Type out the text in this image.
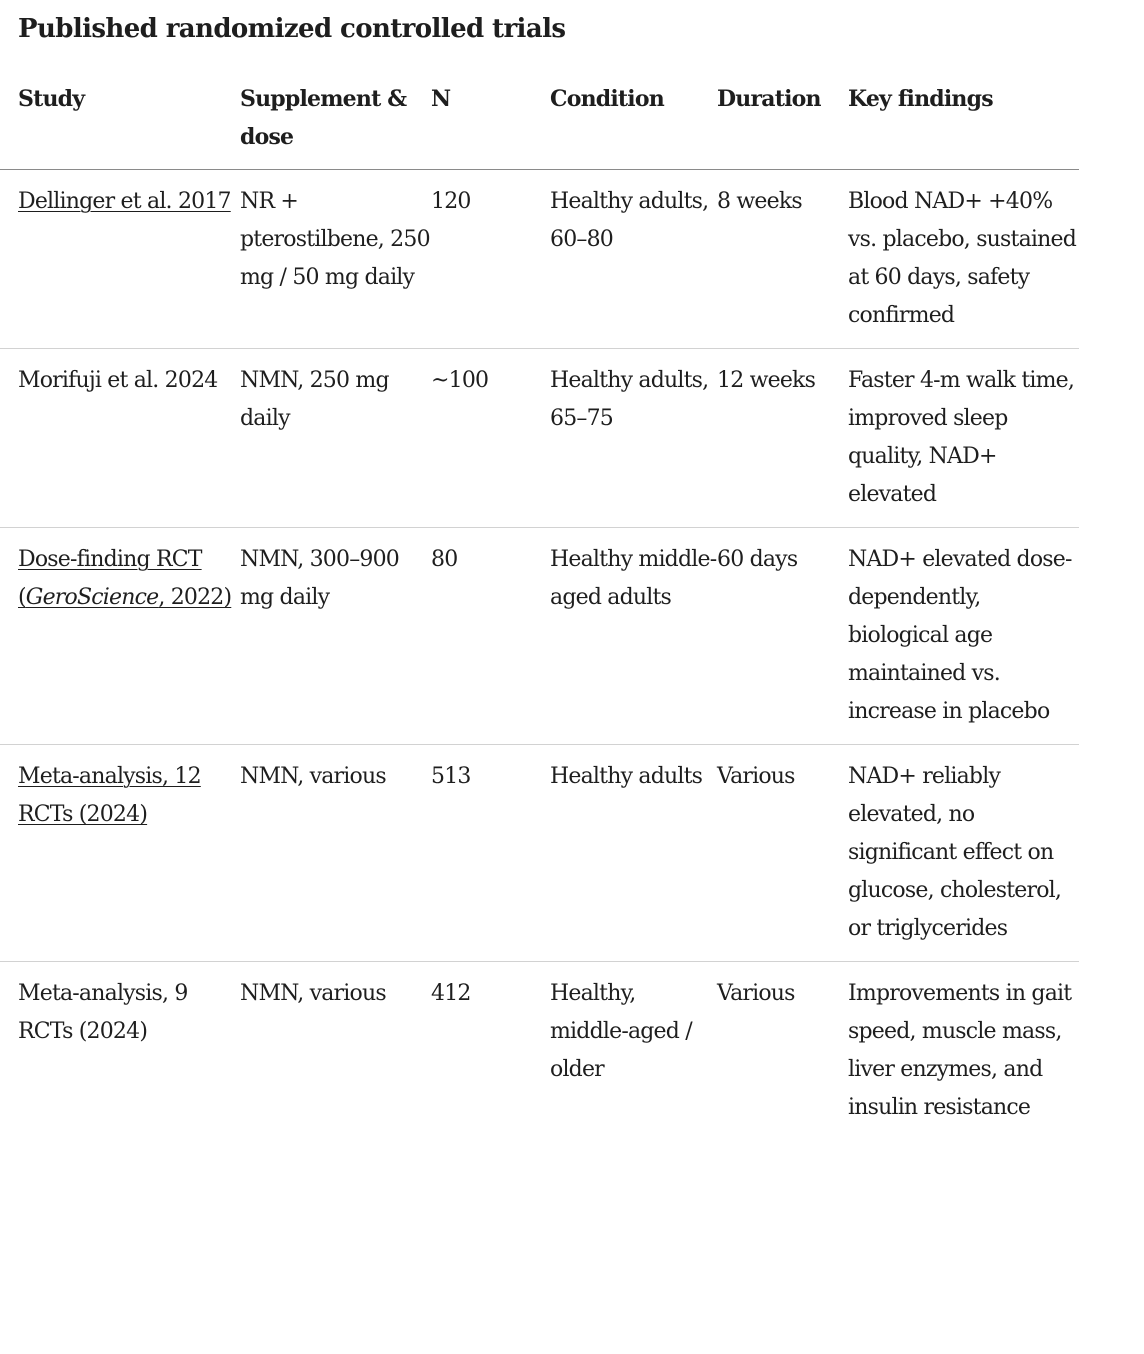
Published randomized controlled trials
Study	Supplement & dose	N	Condition	Duration	Key findings
Dellinger et al. 2017	NR + pterostilbene, 250 mg / 50 mg daily	120	Healthy adults, 60–80	8 weeks	Blood NAD+ +40% vs. placebo, sustained at 60 days, safety confirmed
Morifuji et al. 2024	NMN, 250 mg daily	~100	Healthy adults, 65–75	12 weeks	Faster 4-m walk time, improved sleep quality, NAD+ elevated
Dose-finding RCT (GeroScience, 2022)	NMN, 300–900 mg daily	80	Healthy middle-aged adults	60 days	NAD+ elevated dose-dependently, biological age maintained vs. increase in placebo
Meta-analysis, 12 RCTs (2024)	NMN, various	513	Healthy adults	Various	NAD+ reliably elevated, no significant effect on glucose, cholesterol, or triglycerides
Meta-analysis, 9 RCTs (2024)	NMN, various	412	Healthy, middle-aged / older	Various	Improvements in gait speed, muscle mass, liver enzymes, and insulin resistance
